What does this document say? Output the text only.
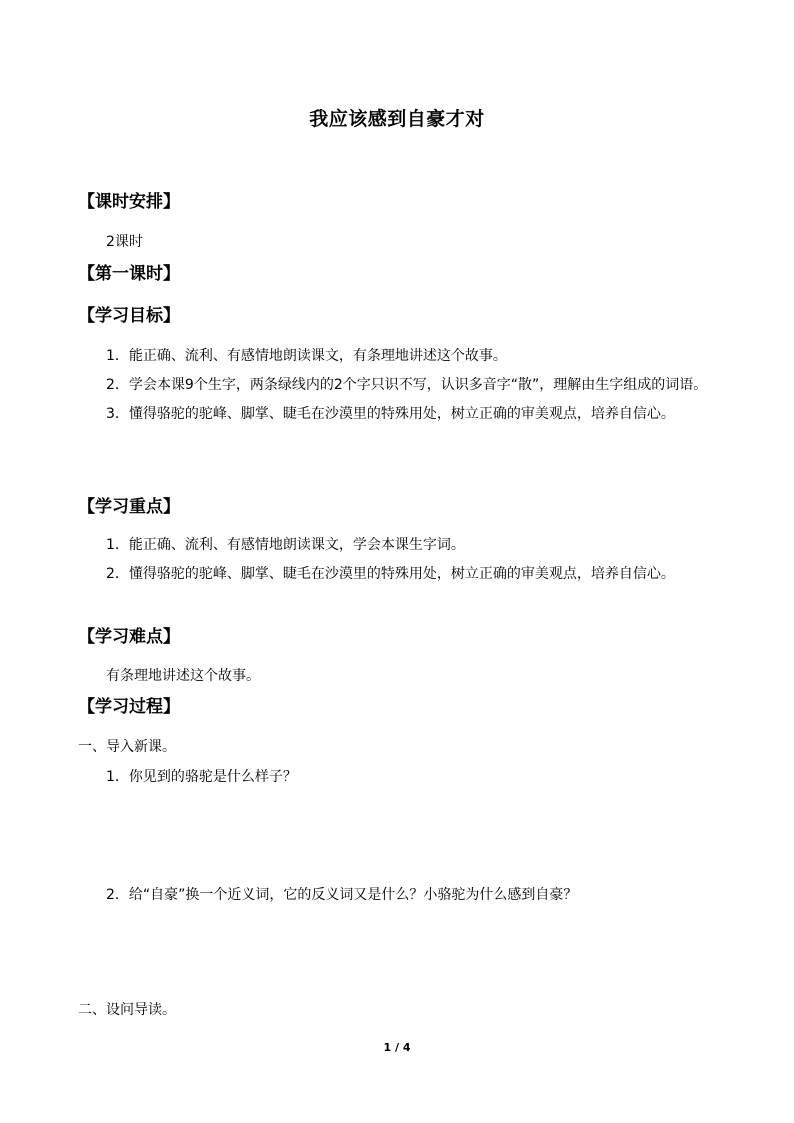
我应该感到自豪才对
【课时安排】
2课时
【第一课时】
【学习目标】
1．能正确、流利、有感情地朗读课文，有条理地讲述这个故事。
2．学会本课9个生字，两条绿线内的2个字只识不写，认识多音字“散”，理解由生字组成的词语。
3．懂得骆驼的驼峰、脚掌、睫毛在沙漠里的特殊用处，树立正确的审美观点，培养自信心。
【学习重点】
1．能正确、流利、有感情地朗读课文，学会本课生字词。
2．懂得骆驼的驼峰、脚掌、睫毛在沙漠里的特殊用处，树立正确的审美观点，培养自信心。
【学习难点】
有条理地讲述这个故事。
【学习过程】
一、导入新课。
1．你见到的骆驼是什么样子？
2．给“自豪”换一个近义词，它的反义词又是什么？小骆驼为什么感到自豪？
二、设问导读。
1 / 4
